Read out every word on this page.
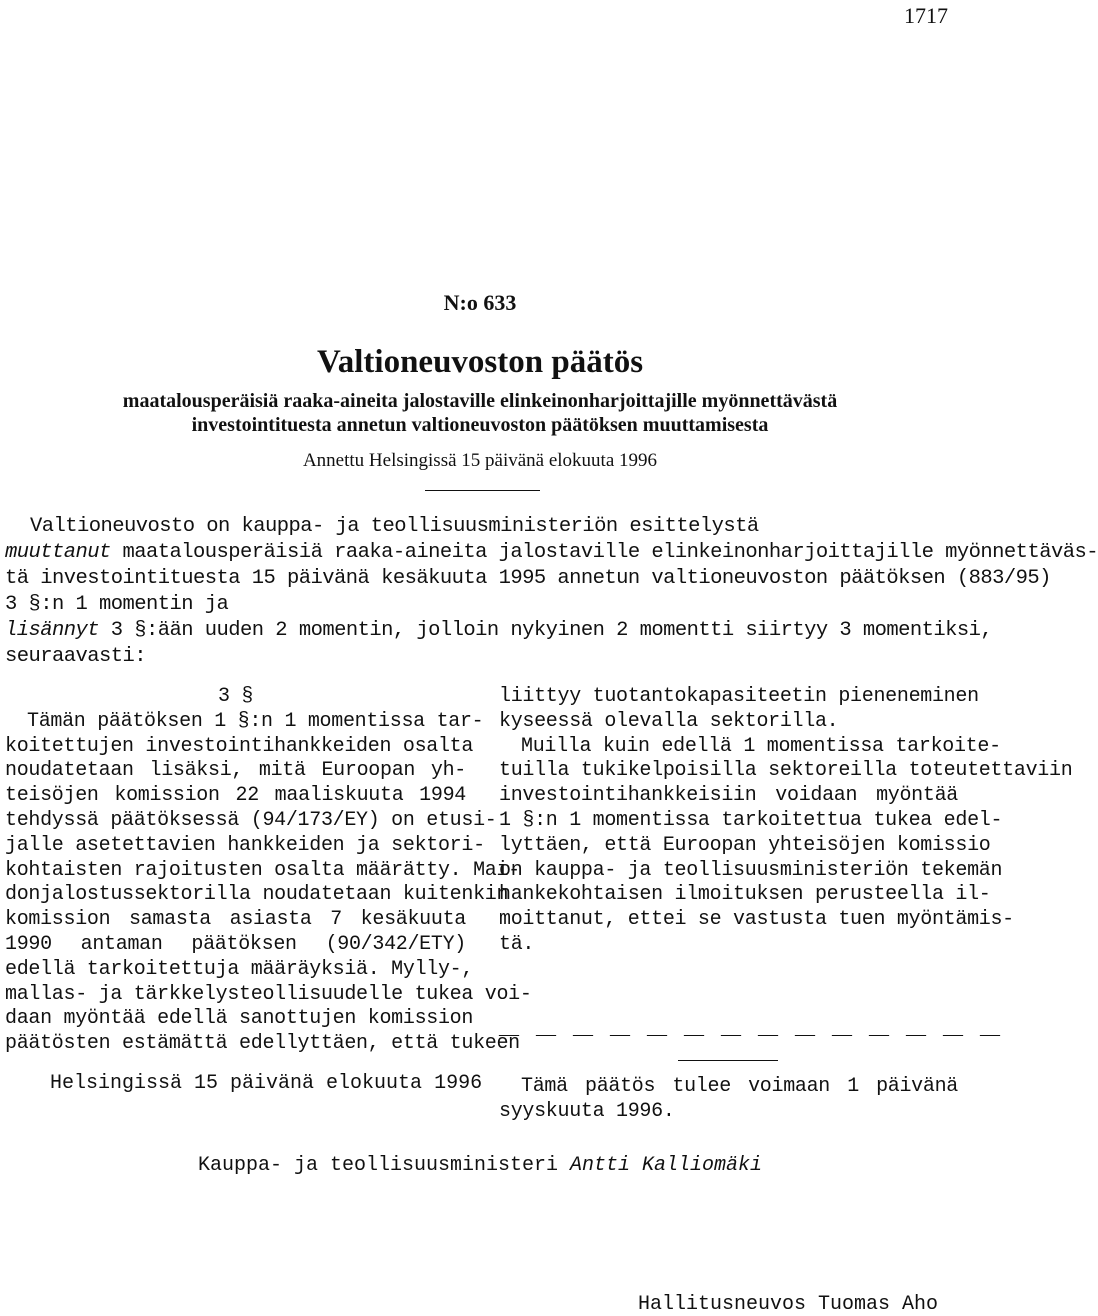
1717
N:o 633
Valtioneuvoston päätös
maatalousperäisiä raaka-aineita jalostaville elinkeinonharjoittajille myönnettävästä
investointituesta annetun valtioneuvoston päätöksen muuttamisesta
Annettu Helsingissä 15 päivänä elokuuta 1996
Valtioneuvosto on kauppa- ja teollisuusministeriön esittelystä
muuttanut maatalousperäisiä raaka-aineita jalostaville elinkeinonharjoittajille myönnettäväs-
tä investointituesta 15 päivänä kesäkuuta 1995 annetun valtioneuvoston päätöksen (883/95)
3 §:n 1 momentin ja
lisännyt 3 §:ään uuden 2 momentin, jolloin nykyinen 2 momentti siirtyy 3 momentiksi,
seuraavasti:
3 §
Tämän päätöksen 1 §:n 1 momentissa tar-
koitettujen investointihankkeiden osalta
noudatetaan lisäksi, mitä Euroopan yh-
teisöjen komission 22 maaliskuuta 1994
tehdyssä päätöksessä (94/173/EY) on etusi-
jalle asetettavien hankkeiden ja sektori-
kohtaisten rajoitusten osalta määrätty. Mai-
donjalostussektorilla noudatetaan kuitenkin
komission samasta asiasta 7 kesäkuuta
1990 antaman päätöksen (90/342/ETY)
edellä tarkoitettuja määräyksiä. Mylly-,
mallas- ja tärkkelysteollisuudelle tukea voi-
daan myöntää edellä sanottujen komission
päätösten estämättä edellyttäen, että tukeen
liittyy tuotantokapasiteetin pieneneminen
kyseessä olevalla sektorilla.
Muilla kuin edellä 1 momentissa tarkoite-
tuilla tukikelpoisilla sektoreilla toteutettaviin
investointihankkeisiin voidaan myöntää
1 §:n 1 momentissa tarkoitettua tukea edel-
lyttäen, että Euroopan yhteisöjen komissio
on kauppa- ja teollisuusministeriön tekemän
hankekohtaisen ilmoituksen perusteella il-
moittanut, ettei se vastusta tuen myöntämis-
tä.
— — — — — — — — — — — — — —
Tämä päätös tulee voimaan 1 päivänä
syyskuuta 1996.
Helsingissä 15 päivänä elokuuta 1996
Kauppa- ja teollisuusministeri Antti Kalliomäki
Hallitusneuvos Tuomas Aho
